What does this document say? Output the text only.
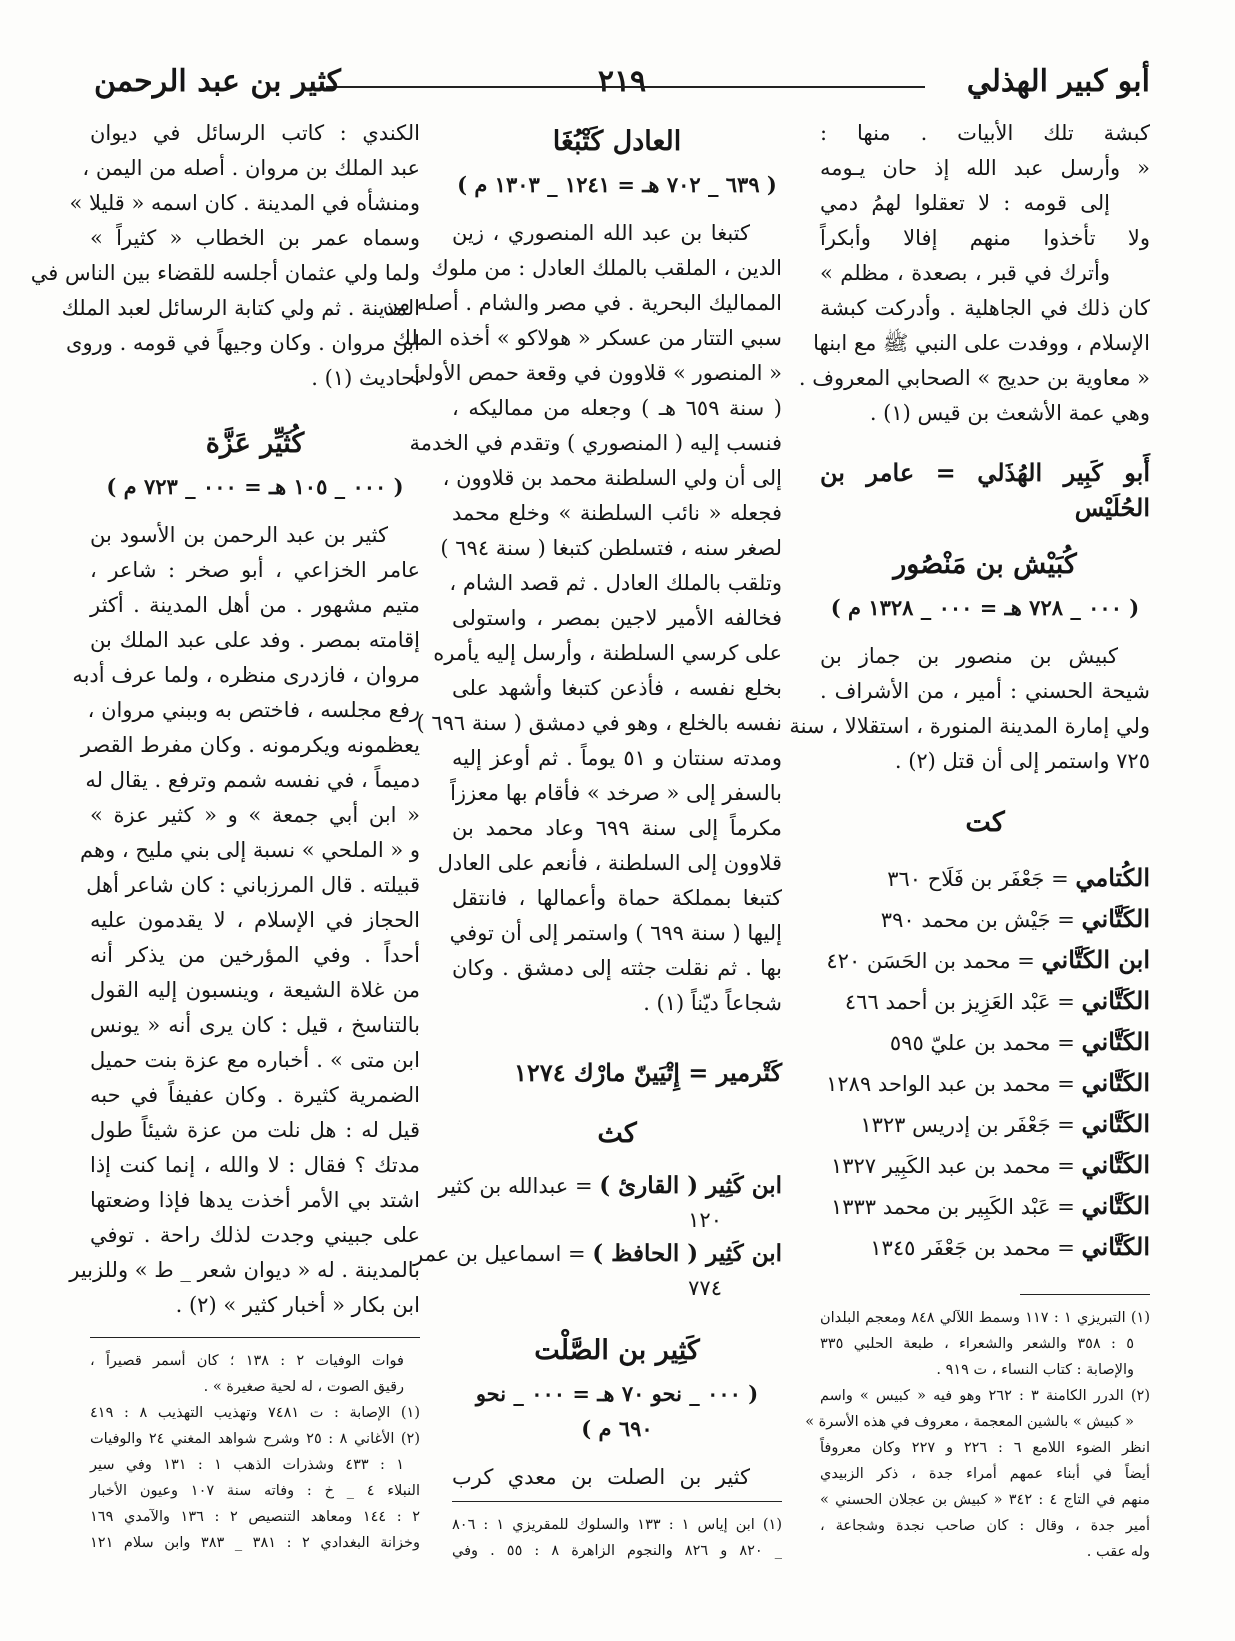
أبو كبير الهذلي
٢١٩
كثير بن عبد الرحمن
كبشة تلك الأبيات . منها :
« وأرسل عبد الله إذ حان يـومه
إلى قومه : لا تعقلوا لهمُ دمي
ولا تأخذوا منهم إفالا وأبكراً
وأترك في قبر ، بصعدة ، مظلم »
كان ذلك في الجاهلية . وأدركت كبشة
الإسلام ، ووفدت على النبي ﷺ مع ابنها
« معاوية بن حديج » الصحابي المعروف .
وهي عمة الأشعث بن قيس (١) .
أَبو كَبِير الهُذَلي = عامر بن الحُلَيْس
كُبَيْش بن مَنْصُور
( ٠٠٠ _ ٧٢٨ هـ = ٠٠٠ _ ١٣٢٨ م )
كبيش بن منصور بن جماز بن
شيحة الحسني : أمير ، من الأشراف .
ولي إمارة المدينة المنورة ، استقلالا ، سنة
٧٢٥ واستمر إلى أن قتل (٢) .
كت
الكُتامي = جَعْفَر بن فَلَاح ٣٦٠
الكَتَّاني = جَيْش بن محمد ٣٩٠
ابن الكَتَّاني = محمد بن الحَسَن ٤٢٠
الكَتَّاني = عَبْد العَزِيز بن أحمد ٤٦٦
الكَتَّاني = محمد بن عليّ ٥٩٥
الكَتَّاني = محمد بن عبد الواحد ١٢٨٩
الكَتَّاني = جَعْفَر بن إدريس ١٣٢٣
الكَتَّاني = محمد بن عبد الكَبِير ١٣٢٧
الكَتَّاني = عَبْد الكَبِير بن محمد ١٣٣٣
الكَتَّاني = محمد بن جَعْفَر ١٣٤٥
(١) التبريزي ١ : ١١٧ وسمط اللآلي ٨٤٨ ومعجم البلدان
٥ : ٣٥٨ والشعر والشعراء ، طبعة الحلبي ٣٣٥
والإصابة : كتاب النساء ، ت ٩١٩ .
(٢) الدرر الكامنة ٣ : ٢٦٢ وهو فيه « كبيس » واسم
« كبيش » بالشين المعجمة ، معروف في هذه الأسرة »
انظر الضوء اللامع ٦ : ٢٢٦ و ٢٢٧ وكان معروفاً
أيضاً في أبناء عمهم أمراء جدة ، ذكر الزبيدي
منهم في التاج ٤ : ٣٤٢ « كبيش بن عجلان الحسني »
أمير جدة ، وقال : كان صاحب نجدة وشجاعة ،
وله عقب .
العادل كَتْبُغَا
( ٦٣٩ _ ٧٠٢ هـ = ١٢٤١ _ ١٣٠٣ م )
كتبغا بن عبد الله المنصوري ، زين
الدين ، الملقب بالملك العادل : من ملوك
المماليك البحرية . في مصر والشام . أصله من
سبي التتار من عسكر « هولاكو » أخذه الملك
« المنصور » قلاوون في وقعة حمص الأولى
( سنة ٦٥٩ هـ ) وجعله من مماليكه ،
فنسب إليه ( المنصوري ) وتقدم في الخدمة
إلى أن ولي السلطنة محمد بن قلاوون ،
فجعله « نائب السلطنة » وخلع محمد
لصغر سنه ، فتسلطن كتبغا ( سنة ٦٩٤ )
وتلقب بالملك العادل . ثم قصد الشام ،
فخالفه الأمير لاجين بمصر ، واستولى
على كرسي السلطنة ، وأرسل إليه يأمره
بخلع نفسه ، فأذعن كتبغا وأشهد على
نفسه بالخلع ، وهو في دمشق ( سنة ٦٩٦ )
ومدته سنتان و ٥١ يوماً . ثم أوعز إليه
بالسفر إلى « صرخد » فأقام بها معززاً
مكرماً إلى سنة ٦٩٩ وعاد محمد بن
قلاوون إلى السلطنة ، فأنعم على العادل
كتبغا بمملكة حماة وأعمالها ، فانتقل
إليها ( سنة ٦٩٩ ) واستمر إلى أن توفي
بها . ثم نقلت جثته إلى دمشق . وكان
شجاعاً ديّناً (١) .
كَتْرمير = إِتْيَينّ مارْك ١٢٧٤
كث
ابن كَثِير ( القارئ ) = عبدالله بن كثير
١٢٠
ابن كَثِير ( الحافظ ) = اسماعيل بن عمر
٧٧٤
كَثِير بن الصَّلْت
( ٠٠٠ _ نحو ٧٠ هـ = ٠٠٠ _ نحو
٦٩٠ م )
كثير بن الصلت بن معدي كرب
(١) ابن إياس ١ : ١٣٣ والسلوك للمقريزي ١ : ٨٠٦
_ ٨٢٠ و ٨٢٦ والنجوم الزاهرة ٨ : ٥٥ . وفي
الكندي : كاتب الرسائل في ديوان
عبد الملك بن مروان . أصله من اليمن ،
ومنشأه في المدينة . كان اسمه « قليلا »
وسماه عمر بن الخطاب « كثيراً »
ولما ولي عثمان أجلسه للقضاء بين الناس في
المدينة . ثم ولي كتابة الرسائل لعبد الملك
ابن مروان . وكان وجيهاً في قومه . وروى
أحاديث (١) .
كُثَيِّر عَزَّة
( ٠٠٠ _ ١٠٥ هـ = ٠٠٠ _ ٧٢٣ م )
كثير بن عبد الرحمن بن الأسود بن
عامر الخزاعي ، أبو صخر : شاعر ،
متيم مشهور . من أهل المدينة . أكثر
إقامته بمصر . وفد على عبد الملك بن
مروان ، فازدرى منظره ، ولما عرف أدبه
رفع مجلسه ، فاختص به وببني مروان ،
يعظمونه ويكرمونه . وكان مفرط القصر
دميماً ، في نفسه شمم وترفع . يقال له
« ابن أبي جمعة » و « كثير عزة »
و « الملحي » نسبة إلى بني مليح ، وهم
قبيلته . قال المرزباني : كان شاعر أهل
الحجاز في الإسلام ، لا يقدمون عليه
أحداً . وفي المؤرخين من يذكر أنه
من غلاة الشيعة ، وينسبون إليه القول
بالتناسخ ، قيل : كان يرى أنه « يونس
ابن متى » . أخباره مع عزة بنت حميل
الضمرية كثيرة . وكان عفيفاً في حبه
قيل له : هل نلت من عزة شيئاً طول
مدتك ؟ فقال : لا والله ، إنما كنت إذا
اشتد بي الأمر أخذت يدها فإذا وضعتها
على جبيني وجدت لذلك راحة . توفي
بالمدينة . له « ديوان شعر _ ط » وللزبير
ابن بكار « أخبار كثير » (٢) .
فوات الوفيات ٢ : ١٣٨ ؛ كان أسمر قصيراً ،
رقيق الصوت ، له لحية صغيرة » .
(١) الإصابة : ت ٧٤٨١ وتهذيب التهذيب ٨ : ٤١٩
(٢) الأغاني ٨ : ٢٥ وشرح شواهد المغني ٢٤ والوفيات
١ : ٤٣٣ وشذرات الذهب ١ : ١٣١ وفي سير
النبلاء ٤ _ خ : وفاته سنة ١٠٧ وعيون الأخبار
٢ : ١٤٤ ومعاهد التنصيص ٢ : ١٣٦ والآمدي ١٦٩
وخزانة البغدادي ٢ : ٣٨١ _ ٣٨٣ وابن سلام ١٢١
